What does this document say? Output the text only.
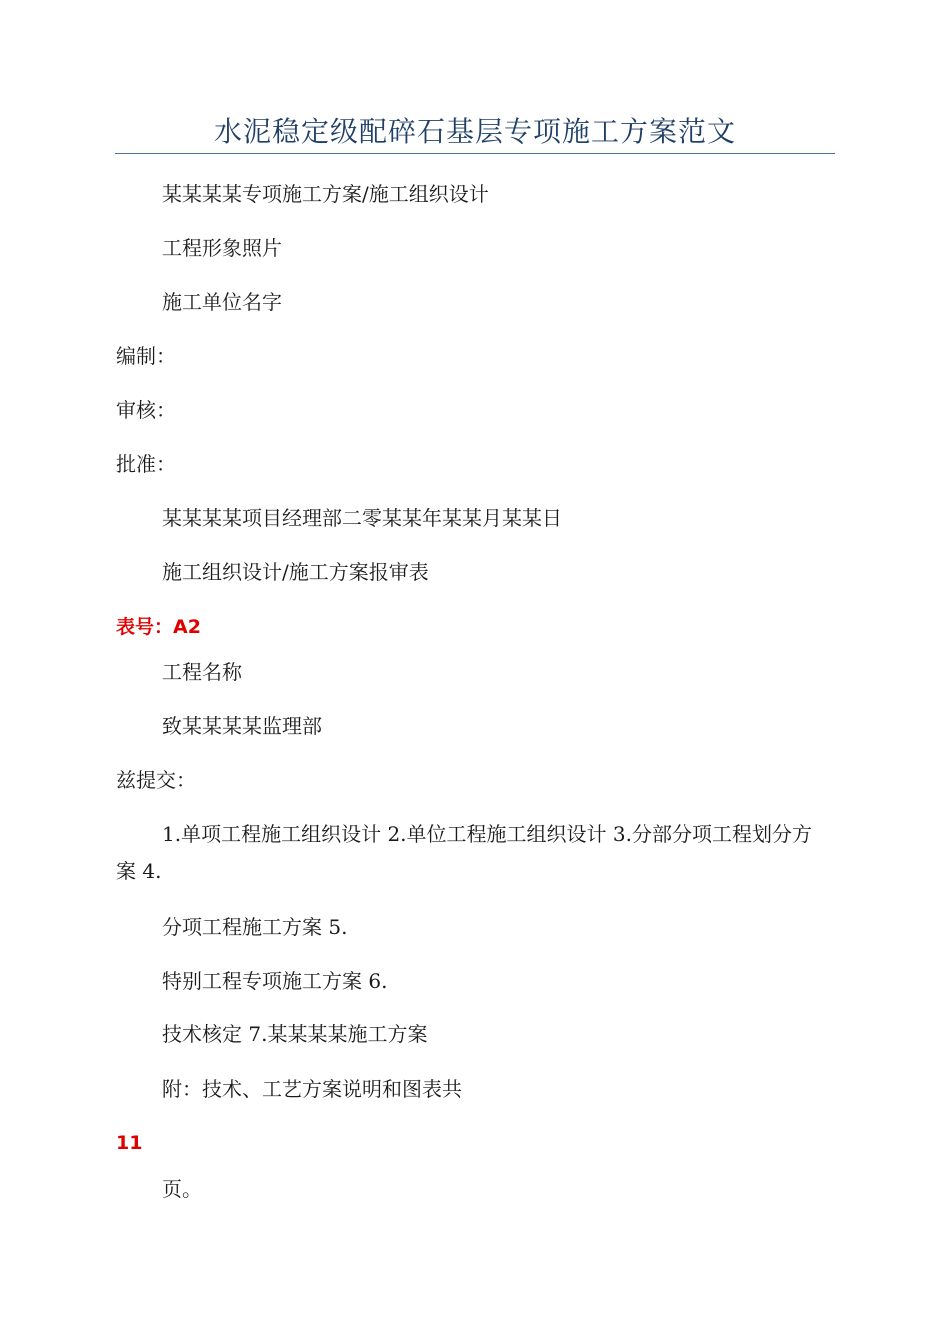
水泥稳定级配碎石基层专项施工方案范文
某某某某专项施工方案/施工组织设计
工程形象照片
施工单位名字
编制：
审核：
批准：
某某某某项目经理部二零某某年某某月某某日
施工组织设计/施工方案报审表
表号：A2
工程名称
致某某某某监理部
兹提交：
1.单项工程施工组织设计 2.单位工程施工组织设计 3.分部分项工程划分方案 4.
分项工程施工方案 5.
特别工程专项施工方案 6.
技术核定 7.某某某某施工方案
附：技术、工艺方案说明和图表共
11
页。
